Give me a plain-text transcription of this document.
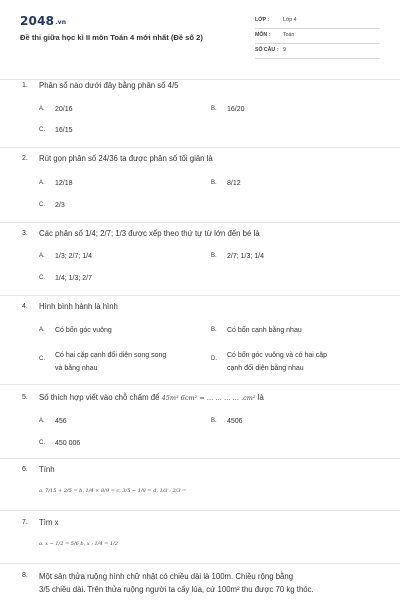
2048.vn
Đề thi giữa học kì II môn Toán 4 mới nhất (Đề số 2)
LỚP :	Lớp 4
MÔN : Toán
SỐ CÂU : 9
1. Phân số nào dưới đây bằng phân số 4/5
A. 20/16	B. 16/20
C. 16/15
2. Rút gọn phân số 24/36 ta được phân số tối giản là
A. 12/18	B. 8/12
C. 2/3
3. Các phân số 1/4; 2/7; 1/3 được xếp theo thứ tự từ lớn đến bé là
A. 1/3; 2/7; 1/4	B. 2/7; 1/3; 1/4
C. 1/4; 1/3; 2/7
4. Hình bình hành là hình
A. Có bốn góc vuông	B. Có bốn cạnh bằng nhau
C. Có hai cặp cạnh đối diện song song
và bằng nhau
D. Có bốn góc vuông và có hai cặp
cạnh đối diện bằng nhau
5. Số thích hợp viết vào chỗ chấm để 45m² 6cm² = … … … … .cm² là
A. 456	B. 4506
C. 450 006
6. Tính
a. 7/15 + 2/5 = b, 1/4 × 8/9 = c, 3/5 − 1/8 = d, 1/3 : 2/3 =
7. Tìm x
a. x − 1/2 = 5/6 b, x : 1/4 = 1/2
8. Một sân thửa ruộng hình chữ nhật có chiều dài là 100m. Chiều rộng bằng
3/5 chiều dài. Trên thửa ruộng người ta cấy lúa, cứ 100m² thu được 70 kg thóc.
